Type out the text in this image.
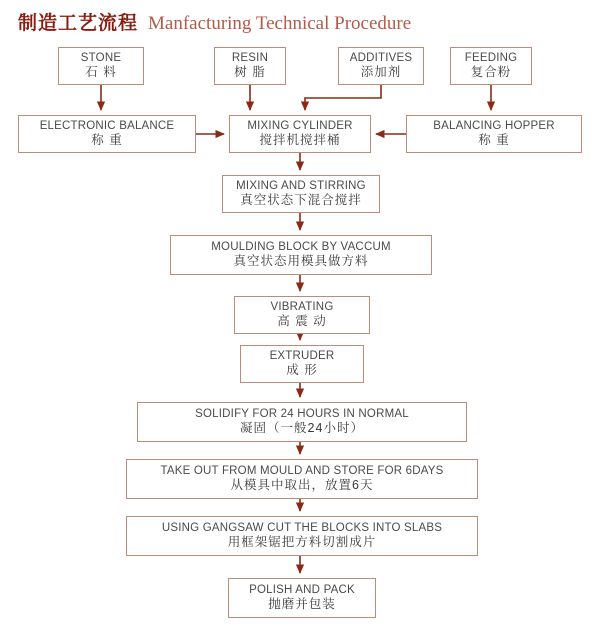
制造工艺流程 Manfacturing Technical Procedure
STONE
石 料
RESIN
树 脂
ADDITIVES
添加剂
FEEDING
复合粉
ELECTRONIC BALANCE
称 重
MIXING CYLINDER
搅拌机搅拌桶
BALANCING HOPPER
称 重
MIXING AND STIRRING
真空状态下混合搅拌
MOULDING BLOCK BY VACCUM
真空状态用模具做方料
VIBRATING
高 震 动
EXTRUDER
成 形
SOLIDIFY FOR 24 HOURS IN NORMAL
凝固（一般24小时）
TAKE OUT FROM MOULD AND STORE FOR 6DAYS
从模具中取出，放置6天
USING GANGSAW CUT THE BLOCKS INTO SLABS
用框架锯把方料切割成片
POLISH AND PACK
抛磨并包装
